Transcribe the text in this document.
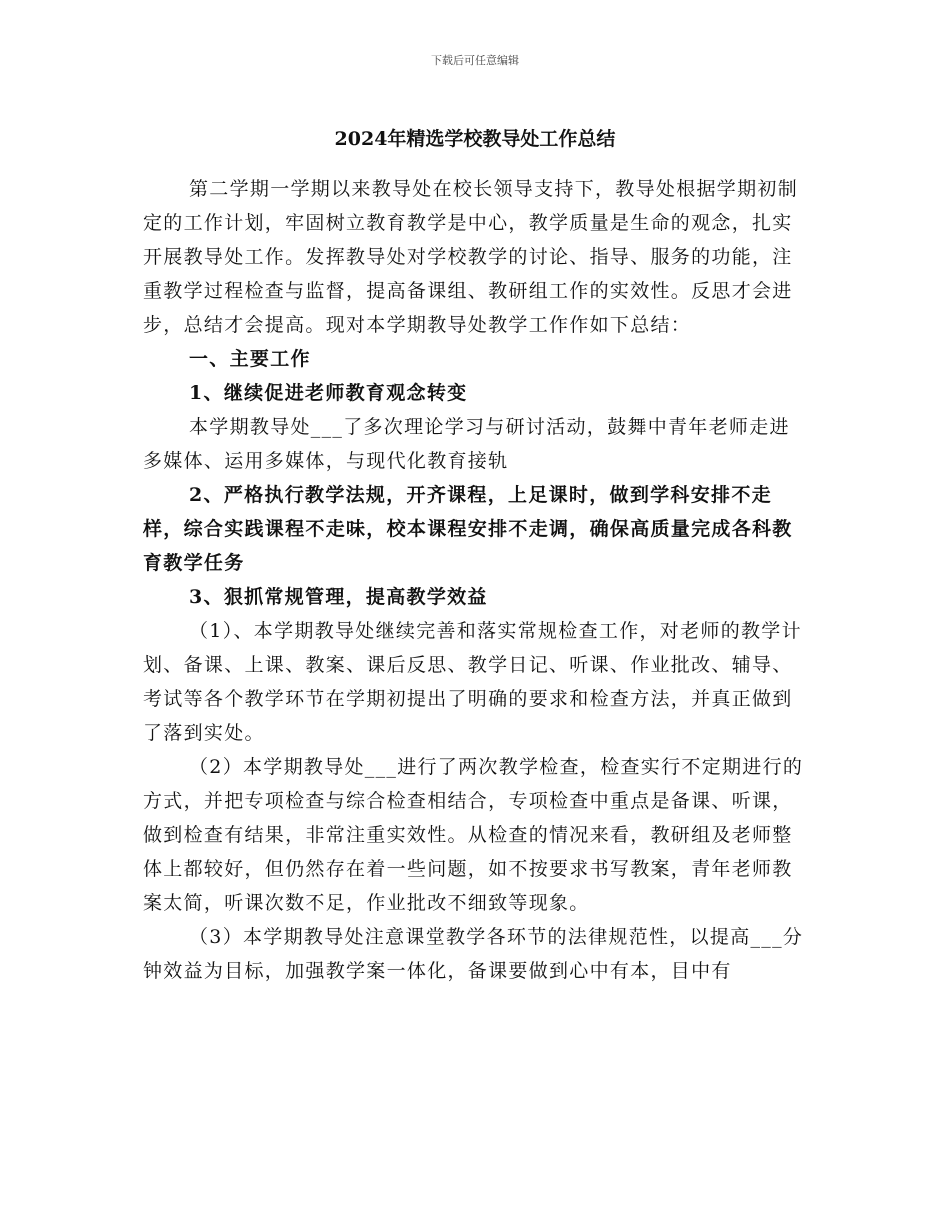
下载后可任意编辑
2024年精选学校教导处工作总结

第二学期一学期以来教导处在校长领导支持下，教导处根据学期初制定的工作计划，牢固树立教育教学是中心，教学质量是生命的观念，扎实开展教导处工作。发挥教导处对学校教学的讨论、指导、服务的功能，注重教学过程检查与监督，提高备课组、教研组工作的实效性。反思才会进步，总结才会提高。现对本学期教导处教学工作作如下总结：

一、主要工作

1、继续促进老师教育观念转变

本学期教导处___了多次理论学习与研讨活动，鼓舞中青年老师走进多媒体、运用多媒体，与现代化教育接轨

2、严格执行教学法规，开齐课程，上足课时，做到学科安排不走样，综合实践课程不走味，校本课程安排不走调，确保高质量完成各科教育教学任务

3、狠抓常规管理，提高教学效益

（1）、本学期教导处继续完善和落实常规检查工作，对老师的教学计划、备课、上课、教案、课后反思、教学日记、听课、作业批改、辅导、考试等各个教学环节在学期初提出了明确的要求和检查方法，并真正做到了落到实处。

（2）本学期教导处___进行了两次教学检查，检查实行不定期进行的方式，并把专项检查与综合检查相结合，专项检查中重点是备课、听课，做到检查有结果，非常注重实效性。从检查的情况来看，教研组及老师整体上都较好，但仍然存在着一些问题，如不按要求书写教案，青年老师教案太简，听课次数不足，作业批改不细致等现象。

（3）本学期教导处注意课堂教学各环节的法律规范性，以提高___分钟效益为目标，加强教学案一体化，备课要做到心中有本，目中有
